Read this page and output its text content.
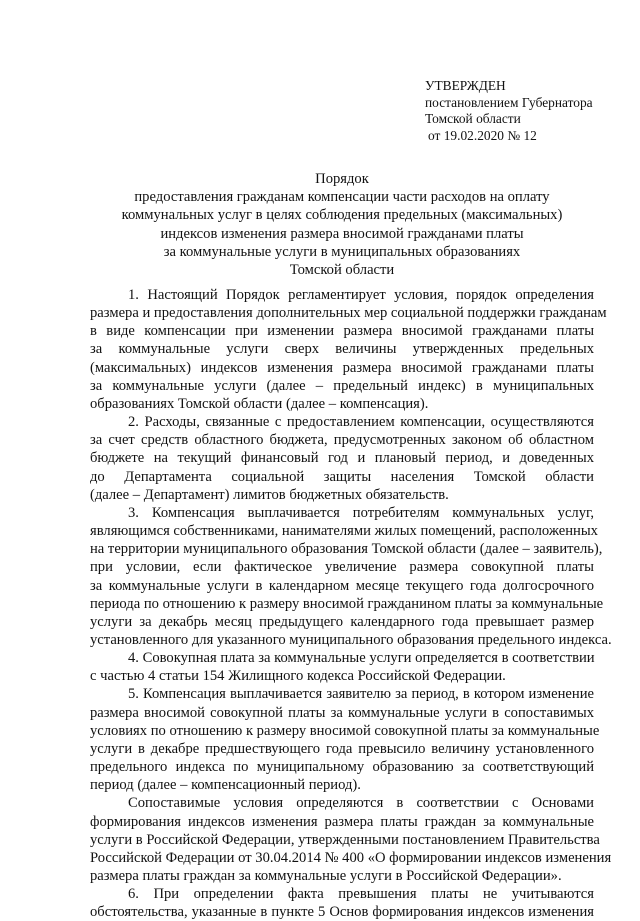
УТВЕРЖДЕН
постановлением Губернатора
Томской области
от 19.02.2020 № 12
Порядок
предоставления гражданам компенсации части расходов на оплату
коммунальных услуг в целях соблюдения предельных (максимальных)
индексов изменения размера вносимой гражданами платы
за коммунальные услуги в муниципальных образованиях
Томской области
1. Настоящий Порядок регламентирует условия, порядок определения
размера и предоставления дополнительных мер социальной поддержки гражданам
в виде компенсации при изменении размера вносимой гражданами платы
за коммунальные услуги сверх величины утвержденных предельных
(максимальных) индексов изменения размера вносимой гражданами платы
за коммунальные услуги (далее – предельный индекс) в муниципальных
образованиях Томской области (далее – компенсация).
2. Расходы, связанные с предоставлением компенсации, осуществляются
за счет средств областного бюджета, предусмотренных законом об областном
бюджете на текущий финансовый год и плановый период, и доведенных
до Департамента социальной защиты населения Томской области
(далее – Департамент) лимитов бюджетных обязательств.
3. Компенсация выплачивается потребителям коммунальных услуг,
являющимся собственниками, нанимателями жилых помещений, расположенных
на территории муниципального образования Томской области (далее – заявитель),
при условии, если фактическое увеличение размера совокупной платы
за коммунальные услуги в календарном месяце текущего года долгосрочного
периода по отношению к размеру вносимой гражданином платы за коммунальные
услуги за декабрь месяц предыдущего календарного года превышает размер
установленного для указанного муниципального образования предельного индекса.
4. Совокупная плата за коммунальные услуги определяется в соответствии
с частью 4 статьи 154 Жилищного кодекса Российской Федерации.
5. Компенсация выплачивается заявителю за период, в котором изменение
размера вносимой совокупной платы за коммунальные услуги в сопоставимых
условиях по отношению к размеру вносимой совокупной платы за коммунальные
услуги в декабре предшествующего года превысило величину установленного
предельного индекса по муниципальному образованию за соответствующий
период (далее – компенсационный период).
Сопоставимые условия определяются в соответствии с Основами
формирования индексов изменения размера платы граждан за коммунальные
услуги в Российской Федерации, утвержденными постановлением Правительства
Российской Федерации от 30.04.2014 № 400 «О формировании индексов изменения
размера платы граждан за коммунальные услуги в Российской Федерации».
6. При определении факта превышения платы не учитываются
обстоятельства, указанные в пункте 5 Основ формирования индексов изменения
